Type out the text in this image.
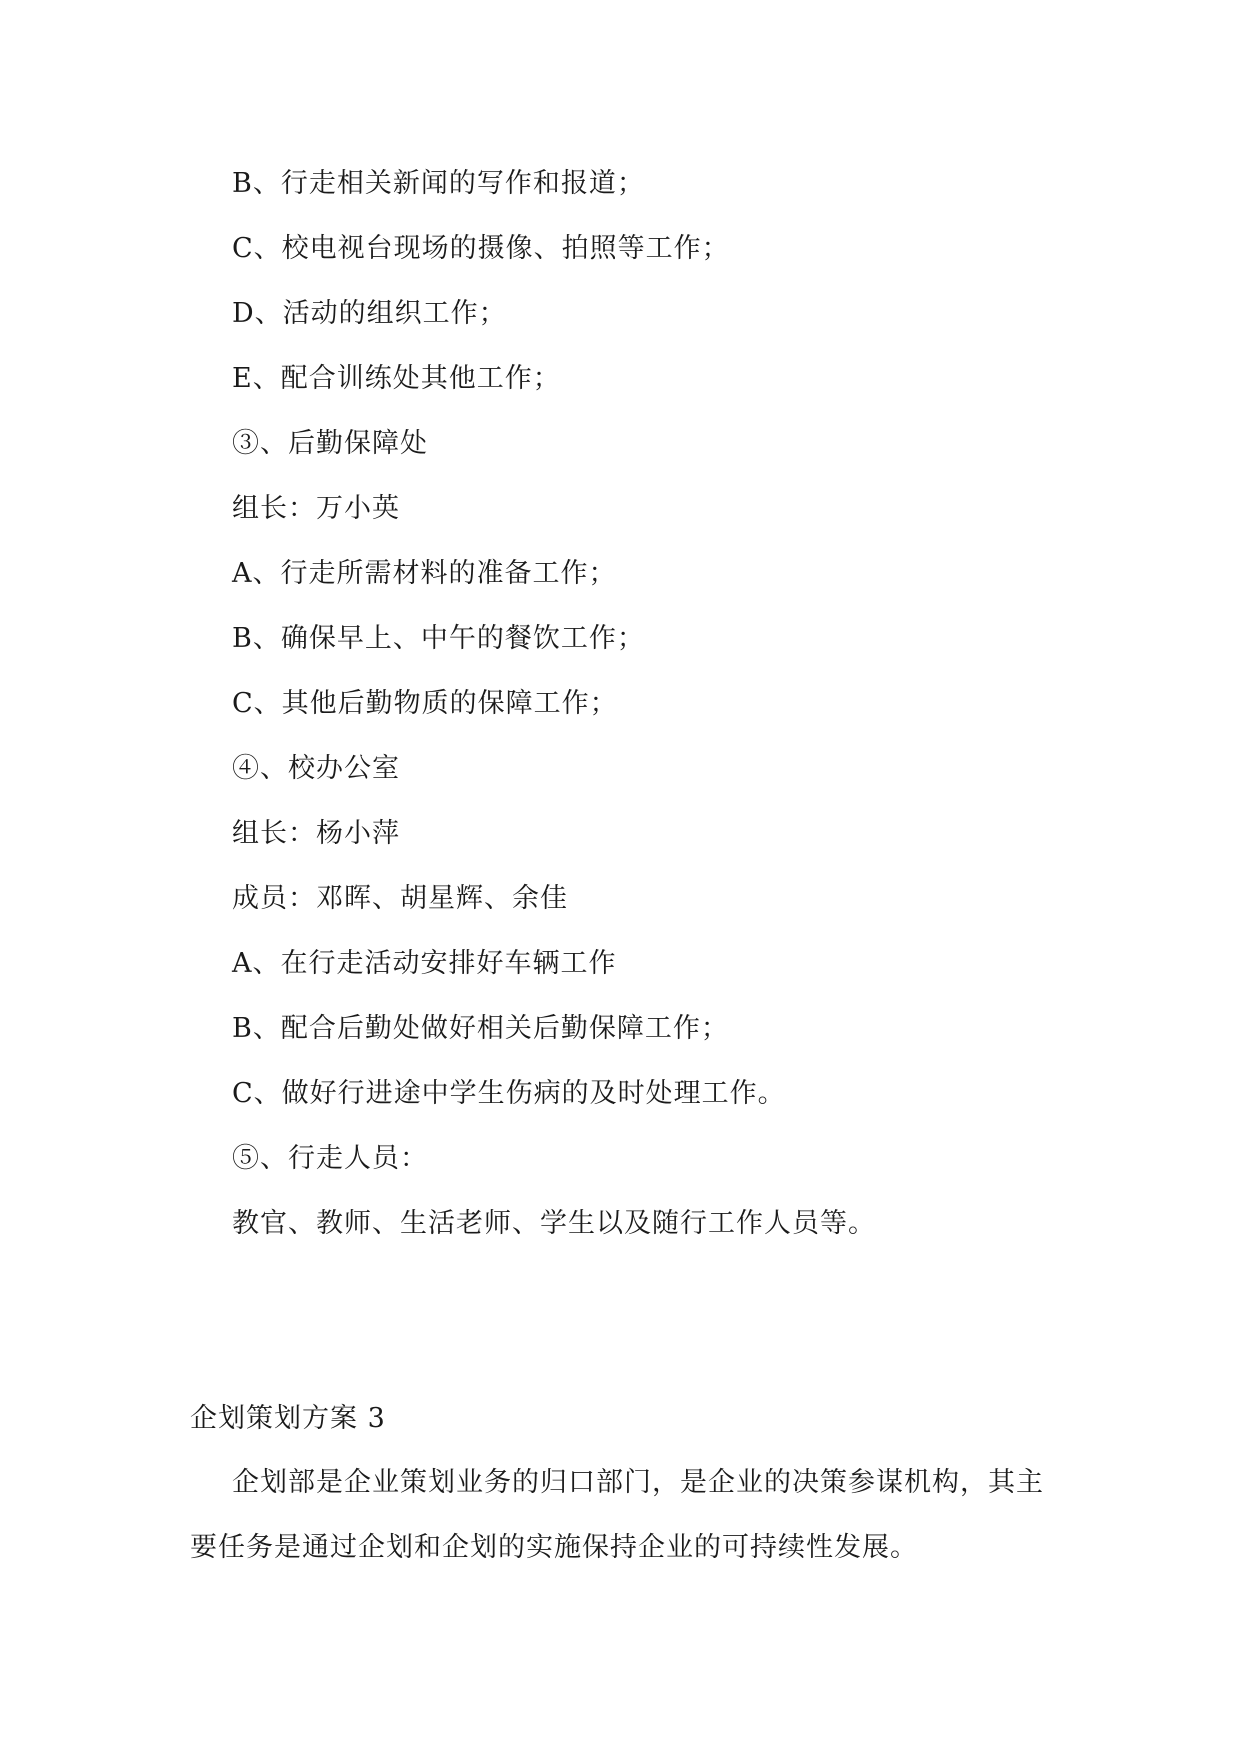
B、行走相关新闻的写作和报道；
C、校电视台现场的摄像、拍照等工作；
D、活动的组织工作；
E、配合训练处其他工作；
③、后勤保障处
组长：万小英
A、行走所需材料的准备工作；
B、确保早上、中午的餐饮工作；
C、其他后勤物质的保障工作；
④、校办公室
组长：杨小萍
成员：邓晖、胡星辉、余佳
A、在行走活动安排好车辆工作
B、配合后勤处做好相关后勤保障工作；
C、做好行进途中学生伤病的及时处理工作。
⑤、行走人员：
教官、教师、生活老师、学生以及随行工作人员等。
企划策划方案 3
企划部是企业策划业务的归口部门，是企业的决策参谋机构，其主要任务是通过企划和企划的实施保持企业的可持续性发展。
